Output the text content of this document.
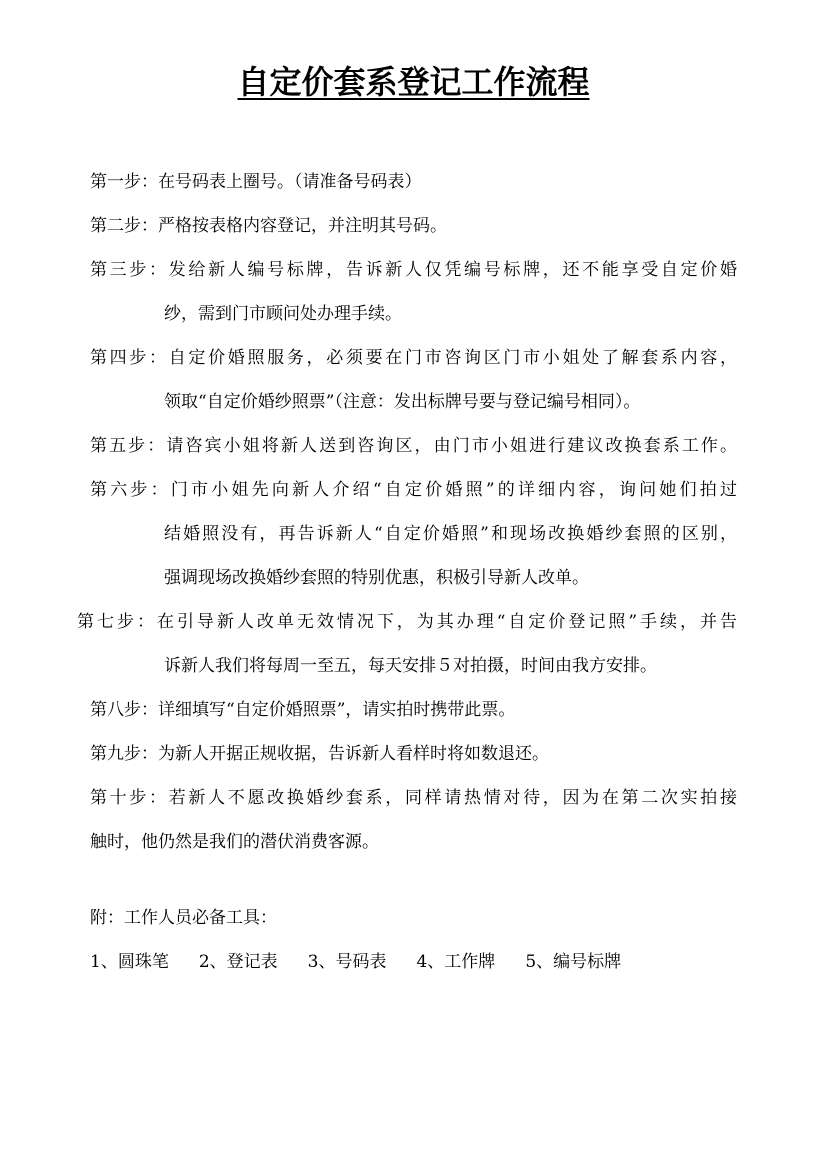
自定价套系登记工作流程
第一步：在号码表上圈号。（请准备号码表）
第二步：严格按表格内容登记，并注明其号码。
第三步：发给新人编号标牌，告诉新人仅凭编号标牌，还不能享受自定价婚
纱，需到门市顾问处办理手续。
第四步：自定价婚照服务，必须要在门市咨询区门市小姐处了解套系内容，
领取“自定价婚纱照票”（注意：发出标牌号要与登记编号相同）。
第五步：请咨宾小姐将新人送到咨询区，由门市小姐进行建议改换套系工作。
第六步：门市小姐先向新人介绍“自定价婚照”的详细内容，询问她们拍过
结婚照没有，再告诉新人“自定价婚照”和现场改换婚纱套照的区别，
强调现场改换婚纱套照的特别优惠，积极引导新人改单。
第七步：在引导新人改单无效情况下，为其办理“自定价登记照”手续，并告
诉新人我们将每周一至五，每天安排５对拍摄，时间由我方安排。
第八步：详细填写“自定价婚照票”，请实拍时携带此票。
第九步：为新人开据正规收据，告诉新人看样时将如数退还。
第十步：若新人不愿改换婚纱套系，同样请热情对待，因为在第二次实拍接
触时，他仍然是我们的潜伏消费客源。
附：工作人员必备工具：
1、圆珠笔 2、登记表 3、号码表 4、工作牌 5、编号标牌
